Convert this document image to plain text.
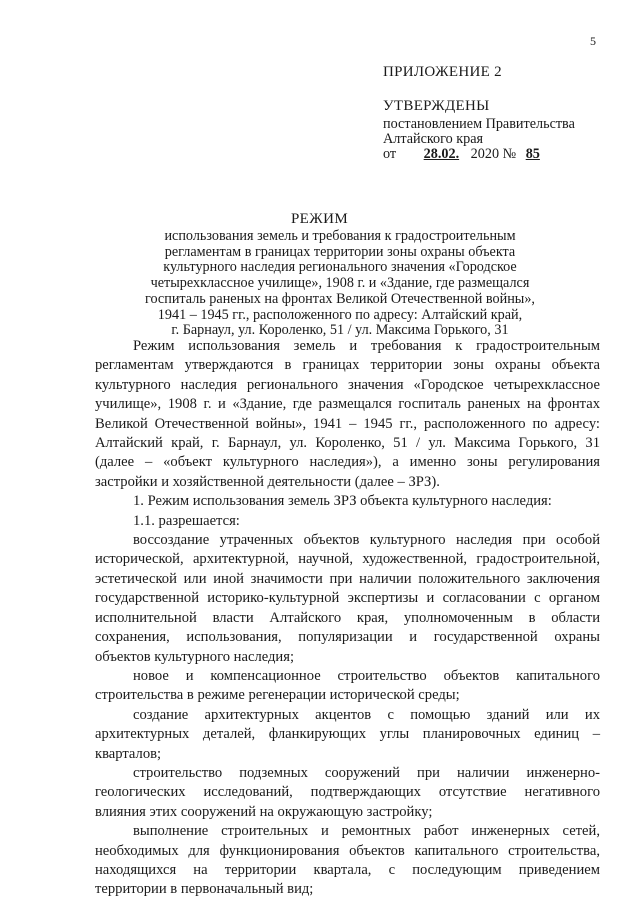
5
ПРИЛОЖЕНИЕ 2
УТВЕРЖДЕНЫ
постановлением Правительства
Алтайского края
от 28.02. 2020 № 85
РЕЖИМ
использования земель и требования к градостроительным
регламентам в границах территории зоны охраны объекта
культурного наследия регионального значения «Городское
четырехклассное училище», 1908 г. и «Здание, где размещался
госпиталь раненых на фронтах Великой Отечественной войны»,
1941 – 1945 гг., расположенного по адресу: Алтайский край,
г. Барнаул, ул. Короленко, 51 / ул. Максима Горького, 31
Режим использования земель и требования к градостроительным
регламентам утверждаются в границах территории зоны охраны объекта
культурного наследия регионального значения «Городское четырехклассное
училище», 1908 г. и «Здание, где размещался госпиталь раненых на фронтах
Великой Отечественной войны», 1941 – 1945 гг., расположенного по адресу:
Алтайский край, г. Барнаул, ул. Короленко, 51 / ул. Максима Горького, 31
(далее – «объект культурного наследия»), а именно зоны регулирования
застройки и хозяйственной деятельности (далее – ЗРЗ).
1. Режим использования земель ЗРЗ объекта культурного наследия:
1.1. разрешается:
воссоздание утраченных объектов культурного наследия при особой
исторической, архитектурной, научной, художественной, градостроительной,
эстетической или иной значимости при наличии положительного заключения
государственной историко-культурной экспертизы и согласовании с органом
исполнительной власти Алтайского края, уполномоченным в области
сохранения, использования, популяризации и государственной охраны
объектов культурного наследия;
новое и компенсационное строительство объектов капитального
строительства в режиме регенерации исторической среды;
создание архитектурных акцентов с помощью зданий или их
архитектурных деталей, фланкирующих углы планировочных единиц –
кварталов;
строительство подземных сооружений при наличии инженерно-
геологических исследований, подтверждающих отсутствие негативного
влияния этих сооружений на окружающую застройку;
выполнение строительных и ремонтных работ инженерных сетей,
необходимых для функционирования объектов капитального строительства,
находящихся на территории квартала, с последующим приведением
территории в первоначальный вид;
